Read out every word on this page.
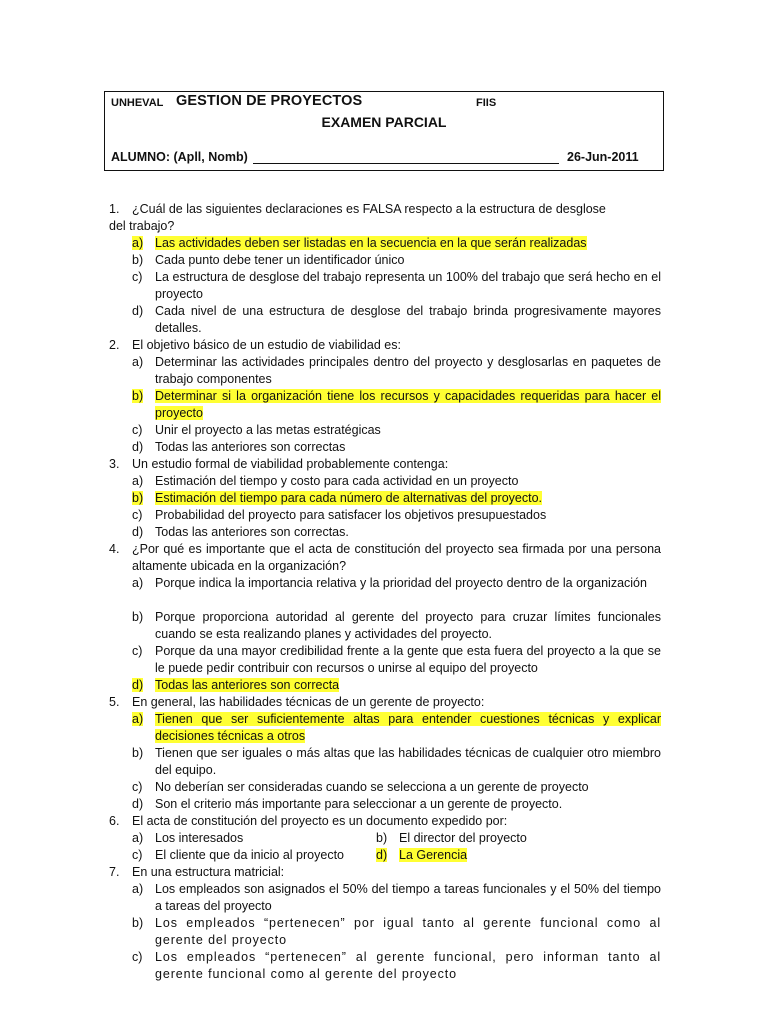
UNHEVAL GESTION DE PROYECTOS	FIIS
EXAMEN PARCIAL
ALUMNO: (Apll, Nomb)	26-Jun-2011
1. ¿Cuál de las siguientes declaraciones es FALSA respecto a la estructura de desglose
del trabajo?
a) Las actividades deben ser listadas en la secuencia en la que serán realizadas
b) Cada punto debe tener un identificador único
c) La estructura de desglose del trabajo representa un 100% del trabajo que será hecho en el proyecto
d) Cada nivel de una estructura de desglose del trabajo brinda progresivamente mayores detalles.
2. El objetivo básico de un estudio de viabilidad es:
a) Determinar las actividades principales dentro del proyecto y desglosarlas en paquetes de trabajo componentes
b) Determinar si la organización tiene los recursos y capacidades requeridas para hacer el proyecto
c) Unir el proyecto a las metas estratégicas
d) Todas las anteriores son correctas
3. Un estudio formal de viabilidad probablemente contenga:
a) Estimación del tiempo y costo para cada actividad en un proyecto
b) Estimación del tiempo para cada número de alternativas del proyecto.
c) Probabilidad del proyecto para satisfacer los objetivos presupuestados
d) Todas las anteriores son correctas.
4. ¿Por qué es importante que el acta de constitución del proyecto sea firmada por una persona altamente ubicada en la organización?
a) Porque indica la importancia relativa y la prioridad del proyecto dentro de la organización
b) Porque proporciona autoridad al gerente del proyecto para cruzar límites funcionales cuando se esta realizando planes y actividades del proyecto.
c) Porque da una mayor credibilidad frente a la gente que esta fuera del proyecto a la que se le puede pedir contribuir con recursos o unirse al equipo del proyecto
d) Todas las anteriores son correcta
5. En general, las habilidades técnicas de un gerente de proyecto:
a) Tienen que ser suficientemente altas para entender cuestiones técnicas y explicar decisiones técnicas a otros
b) Tienen que ser iguales o más altas que las habilidades técnicas de cualquier otro miembro del equipo.
c) No deberían ser consideradas cuando se selecciona a un gerente de proyecto
d) Son el criterio más importante para seleccionar a un gerente de proyecto.
6. El acta de constitución del proyecto es un documento expedido por:
a) Los interesados	b) El director del proyecto
c) El cliente que da inicio al proyecto	d) La Gerencia
7. En una estructura matricial:
a) Los empleados son asignados el 50% del tiempo a tareas funcionales y el 50% del tiempo a tareas del proyecto
b) Los empleados “pertenecen” por igual tanto al gerente funcional como al gerente del proyecto
c) Los empleados “pertenecen” al gerente funcional, pero informan tanto al gerente funcional como al gerente del proyecto
